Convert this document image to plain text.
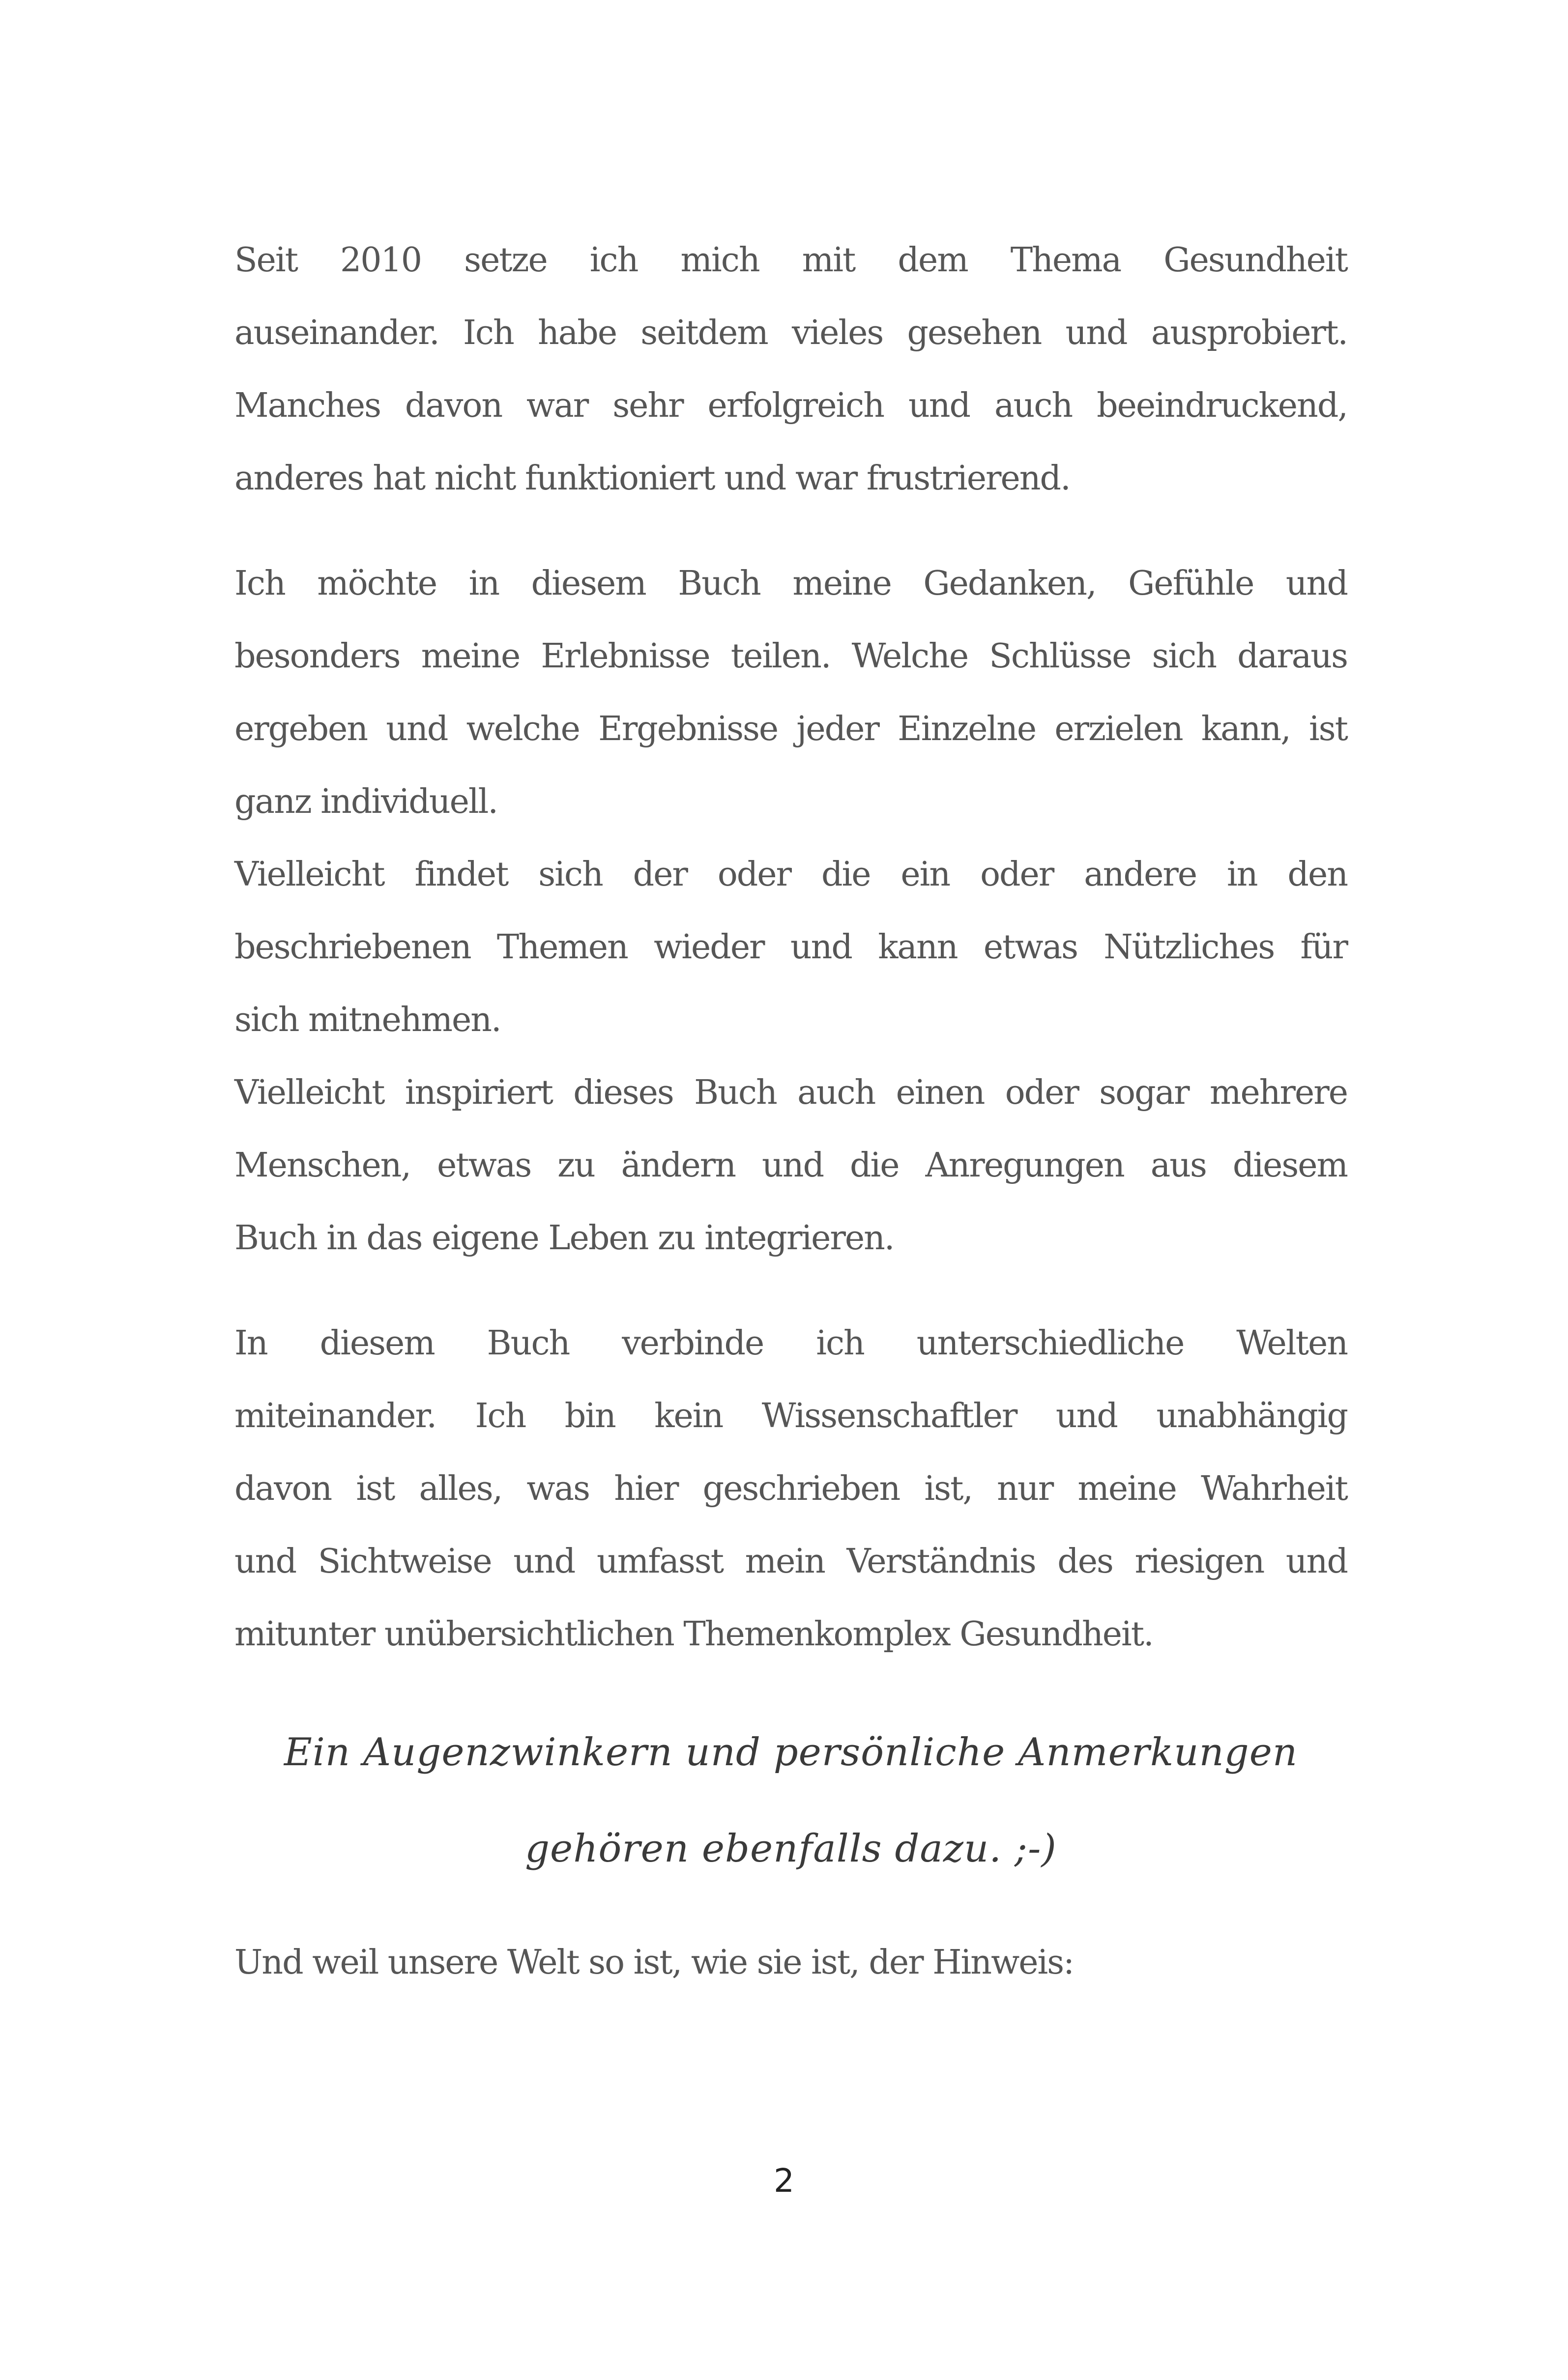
Seit 2010 setze ich mich mit dem Thema Gesundheit
auseinander. Ich habe seitdem vieles gesehen und ausprobiert.
Manches davon war sehr erfolgreich und auch beeindruckend,
anderes hat nicht funktioniert und war frustrierend.
Ich möchte in diesem Buch meine Gedanken, Gefühle und
besonders meine Erlebnisse teilen. Welche Schlüsse sich daraus
ergeben und welche Ergebnisse jeder Einzelne erzielen kann, ist
ganz individuell.
Vielleicht findet sich der oder die ein oder andere in den
beschriebenen Themen wieder und kann etwas Nützliches für
sich mitnehmen.
Vielleicht inspiriert dieses Buch auch einen oder sogar mehrere
Menschen, etwas zu ändern und die Anregungen aus diesem
Buch in das eigene Leben zu integrieren.
In diesem Buch verbinde ich unterschiedliche Welten
miteinander. Ich bin kein Wissenschaftler und unabhängig
davon ist alles, was hier geschrieben ist, nur meine Wahrheit
und Sichtweise und umfasst mein Verständnis des riesigen und
mitunter unübersichtlichen Themenkomplex Gesundheit.
Ein Augenzwinkern und persönliche Anmerkungen
gehören ebenfalls dazu. ;-)
Und weil unsere Welt so ist, wie sie ist, der Hinweis:
2
